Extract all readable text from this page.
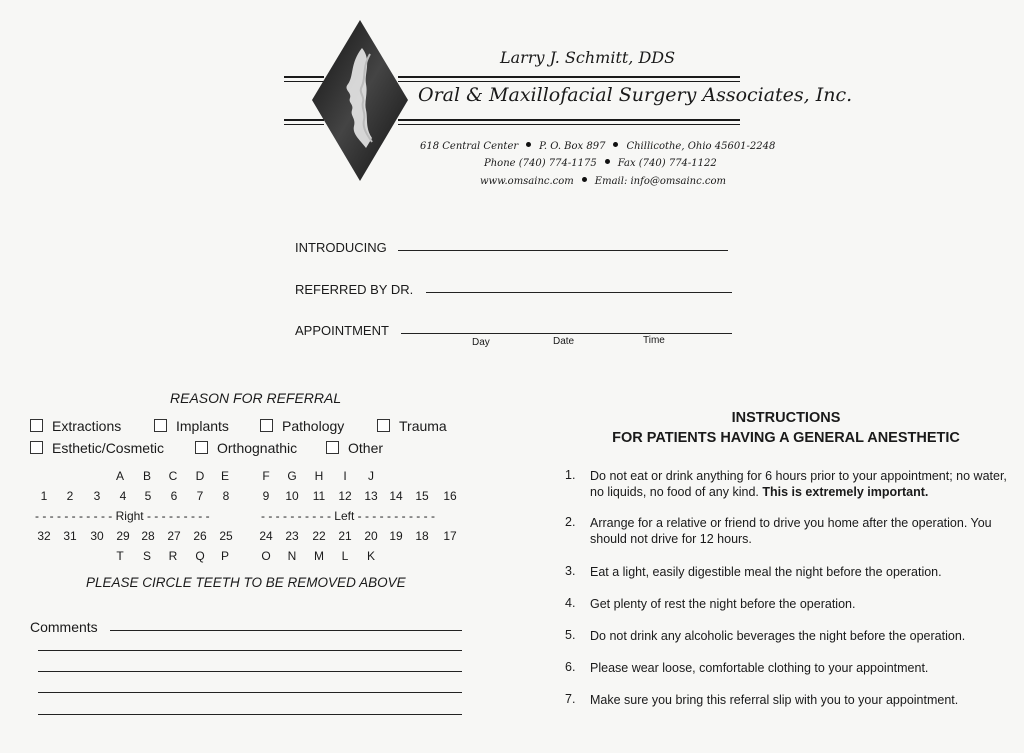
Larry J. Schmitt, DDS
Oral & Maxillofacial Surgery Associates, Inc.
618 Central Center P. O. Box 897 Chillicothe, Ohio 45601-2248
Phone (740) 774-1175 Fax (740) 774-1122
www.omsainc.com Email: info@omsainc.com
INTRODUCING
REFERRED BY DR.
APPOINTMENT
Day	Date	Time
REASON FOR REFERRAL
Extractions	Implants	Pathology	Trauma
Esthetic/Cosmetic	Orthognathic	Other
A B C D E	F G H I J
1 2 3 4 5 6 7 8	9 10 11 12 13 14 15 16
- - - - - - - - - - - Right - - - - - - - - -	- - - - - - - - - - Left - - - - - - - - - - -
32 31 30 29 28 27 26 25 24 23 22 21 20 19 18 17
T S R Q P	O N M L K
PLEASE CIRCLE TEETH TO BE REMOVED ABOVE
Comments
INSTRUCTIONS
FOR PATIENTS HAVING A GENERAL ANESTHETIC
1. Do not eat or drink anything for 6 hours prior to your appointment; no water, no liquids, no food of any kind. This is extremely important.
2. Arrange for a relative or friend to drive you home after the operation. You should not drive for 12 hours.
3. Eat a light, easily digestible meal the night before the operation.
4. Get plenty of rest the night before the operation.
5. Do not drink any alcoholic beverages the night before the operation.
6. Please wear loose, comfortable clothing to your appointment.
7. Make sure you bring this referral slip with you to your appointment.
